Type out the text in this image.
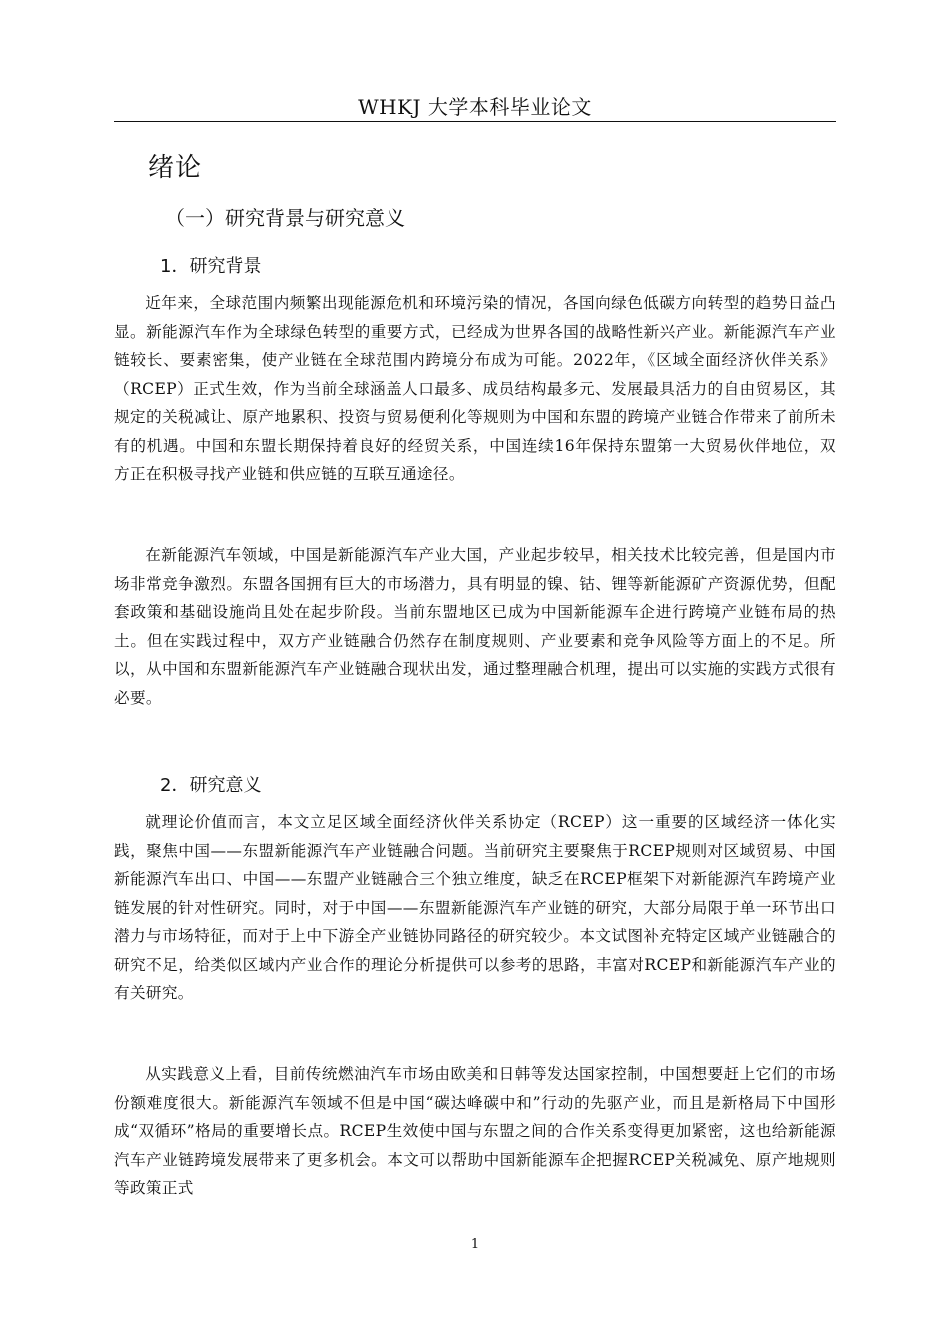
WHKJ 大学本科毕业论文
绪论
（一）研究背景与研究意义
1．研究背景

近年来，全球范围内频繁出现能源危机和环境污染的情况，各国向绿色低碳方向转型的趋势日益凸显。新能源汽车作为全球绿色转型的重要方式，已经成为世界各国的战略性新兴产业。新能源汽车产业链较长、要素密集，使产业链在全球范围内跨境分布成为可能。2022年，《区域全面经济伙伴关系》（RCEP）正式生效，作为当前全球涵盖人口最多、成员结构最多元、发展最具活力的自由贸易区，其规定的关税减让、原产地累积、投资与贸易便利化等规则为中国和东盟的跨境产业链合作带来了前所未有的机遇。中国和东盟长期保持着良好的经贸关系，中国连续16年保持东盟第一大贸易伙伴地位，双方正在积极寻找产业链和供应链的互联互通途径。

在新能源汽车领域，中国是新能源汽车产业大国，产业起步较早，相关技术比较完善，但是国内市场非常竞争激烈。东盟各国拥有巨大的市场潜力，具有明显的镍、钴、锂等新能源矿产资源优势，但配套政策和基础设施尚且处在起步阶段。当前东盟地区已成为中国新能源车企进行跨境产业链布局的热土。但在实践过程中，双方产业链融合仍然存在制度规则、产业要素和竞争风险等方面上的不足。所以，从中国和东盟新能源汽车产业链融合现状出发，通过整理融合机理，提出可以实施的实践方式很有必要。

2．研究意义

就理论价值而言，本文立足区域全面经济伙伴关系协定（RCEP）这一重要的区域经济一体化实践，聚焦中国——东盟新能源汽车产业链融合问题。当前研究主要聚焦于RCEP规则对区域贸易、中国新能源汽车出口、中国——东盟产业链融合三个独立维度，缺乏在RCEP框架下对新能源汽车跨境产业链发展的针对性研究。同时，对于中国——东盟新能源汽车产业链的研究，大部分局限于单一环节出口潜力与市场特征，而对于上中下游全产业链协同路径的研究较少。本文试图补充特定区域产业链融合的研究不足，给类似区域内产业合作的理论分析提供可以参考的思路，丰富对RCEP和新能源汽车产业的有关研究。

从实践意义上看，目前传统燃油汽车市场由欧美和日韩等发达国家控制，中国想要赶上它们的市场份额难度很大。新能源汽车领域不但是中国“碳达峰碳中和”行动的先驱产业，而且是新格局下中国形成“双循环”格局的重要增长点。RCEP生效使中国与东盟之间的合作关系变得更加紧密，这也给新能源汽车产业链跨境发展带来了更多机会。本文可以帮助中国新能源车企把握RCEP关税减免、原产地规则等政策正式

1
